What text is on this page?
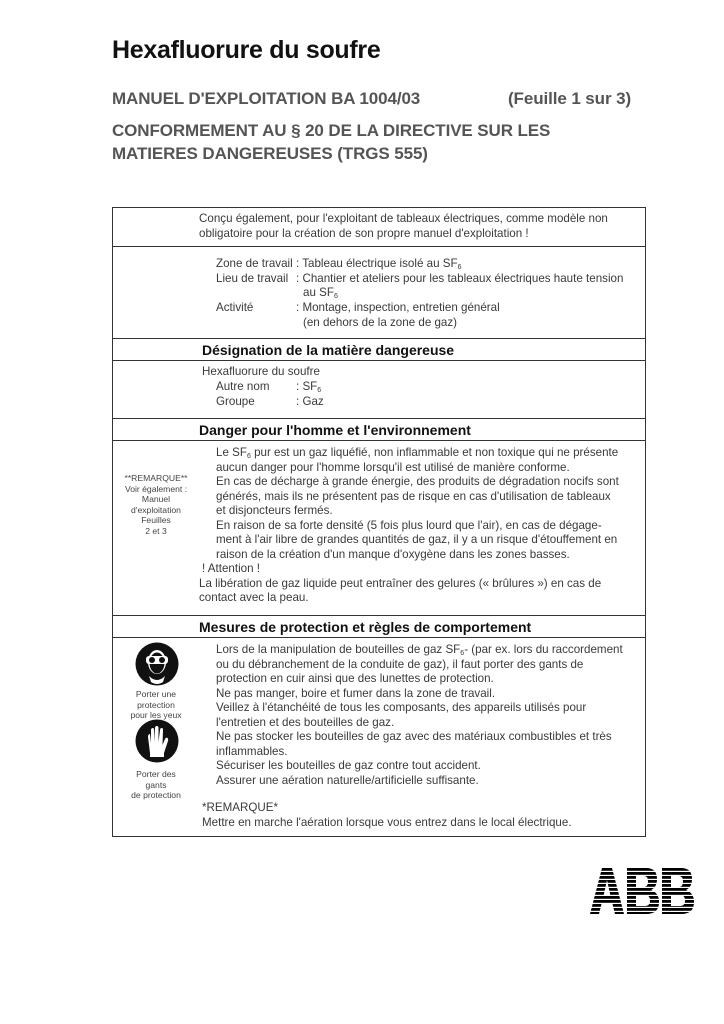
Hexafluorure du soufre
MANUEL D'EXPLOITATION BA 1004/03	(Feuille 1 sur 3)
CONFORMEMENT AU § 20 DE LA DIRECTIVE SUR LES
MATIERES DANGEREUSES (TRGS 555)
Conçu également, pour l'exploitant de tableaux électriques, comme modèle non
obligatoire pour la création de son propre manuel d'exploitation !
Zone de travail : Tableau électrique isolé au $SF_6$
Lieu de travail : Chantier et ateliers pour les tableaux électriques haute tension
au $SF_6$
Activité	: Montage, inspection, entretien général
(en dehors de la zone de gaz)
Désignation de la matière dangereuse
Hexafluorure du soufre
Autre nom : $SF_6$
Groupe	: Gaz
Danger pour l'homme et l'environnement
**REMARQUE**
Voir également :
Manuel
d'exploitation
Feuilles
2 et 3
Le $SF_6$ pur est un gaz liquéfié, non inflammable et non toxique qui ne présente
aucun danger pour l'homme lorsqu'il est utilisé de manière conforme.
En cas de décharge à grande énergie, des produits de dégradation nocifs sont
générés, mais ils ne présentent pas de risque en cas d'utilisation de tableaux
et disjoncteurs fermés.
En raison de sa forte densité (5 fois plus lourd que l'air), en cas de dégage-
ment à l'air libre de grandes quantités de gaz, il y a un risque d'étouffement en
raison de la création d'un manque d'oxygène dans les zones basses.
! Attention !
La libération de gaz liquide peut entraîner des gelures (« brûlures ») en cas de
contact avec la peau.
Mesures de protection et règles de comportement
Porter une
protection
pour les yeux
Porter des
gants
de protection
Lors de la manipulation de bouteilles de gaz $SF_6-$ (par ex. lors du raccordement
ou du débranchement de la conduite de gaz), il faut porter des gants de
protection en cuir ainsi que des lunettes de protection.
Ne pas manger, boire et fumer dans la zone de travail.
Veillez à l'étanchéité de tous les composants, des appareils utilisés pour
l'entretien et des bouteilles de gaz.
Ne pas stocker les bouteilles de gaz avec des matériaux combustibles et très
inflammables.
Sécuriser les bouteilles de gaz contre tout accident.
Assurer une aération naturelle/artificielle suffisante.
*REMARQUE*
Mettre en marche l'aération lorsque vous entrez dans le local électrique.
